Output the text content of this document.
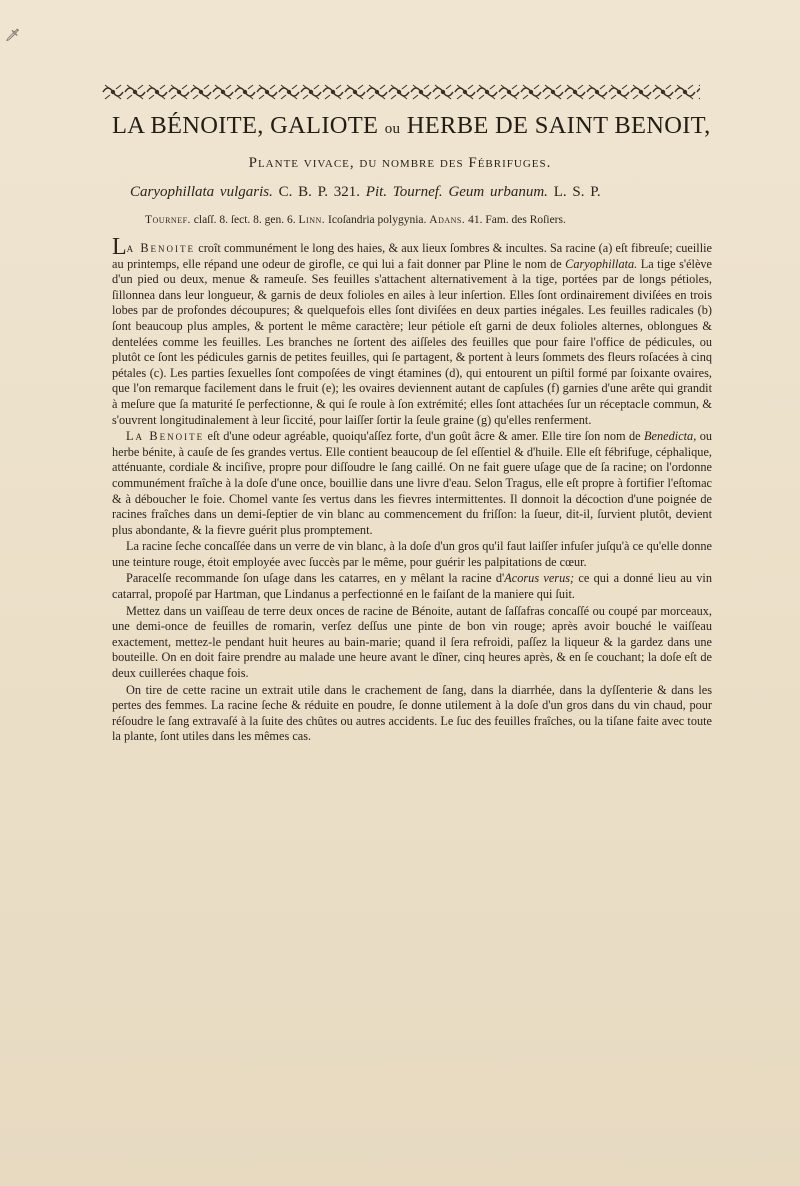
🗡
LA BÉNOITE, GALIOTE ou HERBE DE SAINT BENOIT,
Plante vivace, du nombre des Fébrifuges.
Caryophillata vulgaris. C. B. P. 321. Pit. Tournef. Geum urbanum. L. S. P.
Tournef. claſſ. 8. ſect. 8. gen. 6. Linn. Icoſandria polygynia. Adans. 41. Fam. des Roſiers.

La Benoite croît communément le long des haies, & aux lieux ſombres & incultes. Sa racine (a) eſt fibreuſe; cueillie au printemps, elle répand une odeur de girofle, ce qui lui a fait donner par Pline le nom de Caryophillata. La tige s'élève d'un pied ou deux, menue & rameuſe. Ses feuilles s'attachent alternativement à la tige, portées par de longs pétioles, ſillonnea dans leur longueur, & garnis de deux folioles en ailes à leur inſertion. Elles ſont ordinairement diviſées en trois lobes par de profondes découpures; & quelquefois elles ſont diviſées en deux parties inégales. Les feuilles radicales (b) ſont beaucoup plus amples, & portent le même caractère; leur pétiole eſt garni de deux folioles alternes, oblongues & dentelées comme les feuilles. Les branches ne ſortent des aiſſeles des feuilles que pour faire l'office de pédicules, ou plutôt ce ſont les pédicules garnis de petites feuilles, qui ſe partagent, & portent à leurs ſommets des fleurs roſacées à cinq pétales (c). Les parties ſexuelles ſont compoſées de vingt étamines (d), qui entourent un piſtil formé par ſoixante ovaires, que l'on remarque facilement dans le fruit (e); les ovaires deviennent autant de capſules (f) garnies d'une arête qui grandit à meſure que ſa maturité ſe perfectionne, & qui ſe roule à ſon extrémité; elles ſont attachées ſur un réceptacle commun, & s'ouvrent longitudinalement à leur ſiccité, pour laiſſer ſortir la ſeule graine (g) qu'elles renferment.

La Benoite eſt d'une odeur agréable, quoiqu'aſſez forte, d'un goût âcre & amer. Elle tire ſon nom de Benedicta, ou herbe bénite, à cauſe de ſes grandes vertus. Elle contient beaucoup de ſel eſſentiel & d'huile. Elle eſt fébrifuge, céphalique, atténuante, cordiale & inciſive, propre pour diſſoudre le ſang caillé. On ne fait guere uſage que de ſa racine; on l'ordonne communément fraîche à la doſe d'une once, bouillie dans une livre d'eau. Selon Tragus, elle eſt propre à fortifier l'eſtomac & à déboucher le foie. Chomel vante ſes vertus dans les fievres intermittentes. Il donnoit la décoction d'une poignée de racines fraîches dans un demi-ſeptier de vin blanc au commencement du friſſon: la ſueur, dit-il, ſurvient plutôt, devient plus abondante, & la fievre guérit plus promptement.

La racine ſeche concaſſée dans un verre de vin blanc, à la doſe d'un gros qu'il faut laiſſer infuſer juſqu'à ce qu'elle donne une teinture rouge, étoit employée avec ſuccès par le même, pour guérir les palpitations de cœur.

Paracelſe recommande ſon uſage dans les catarres, en y mêlant la racine d'Acorus verus; ce qui a donné lieu au vin catarral, propoſé par Hartman, que Lindanus a perfectionné en le faiſant de la maniere qui ſuit.

Mettez dans un vaiſſeau de terre deux onces de racine de Bénoite, autant de ſaſſafras concaſſé ou coupé par morceaux, une demi-once de feuilles de romarin, verſez deſſus une pinte de bon vin rouge; après avoir bouché le vaiſſeau exactement, mettez-le pendant huit heures au bain-marie; quand il ſera refroidi, paſſez la liqueur & la gardez dans une bouteille. On en doit faire prendre au malade une heure avant le dîner, cinq heures après, & en ſe couchant; la doſe eſt de deux cuillerées chaque fois.

On tire de cette racine un extrait utile dans le crachement de ſang, dans la diarrhée, dans la dyſſenterie & dans les pertes des femmes. La racine ſeche & réduite en poudre, ſe donne utilement à la doſe d'un gros dans du vin chaud, pour réſoudre le ſang extravaſé à la ſuite des chûtes ou autres accidents. Le ſuc des feuilles fraîches, ou la tiſane faite avec toute la plante, ſont utiles dans les mêmes cas.
